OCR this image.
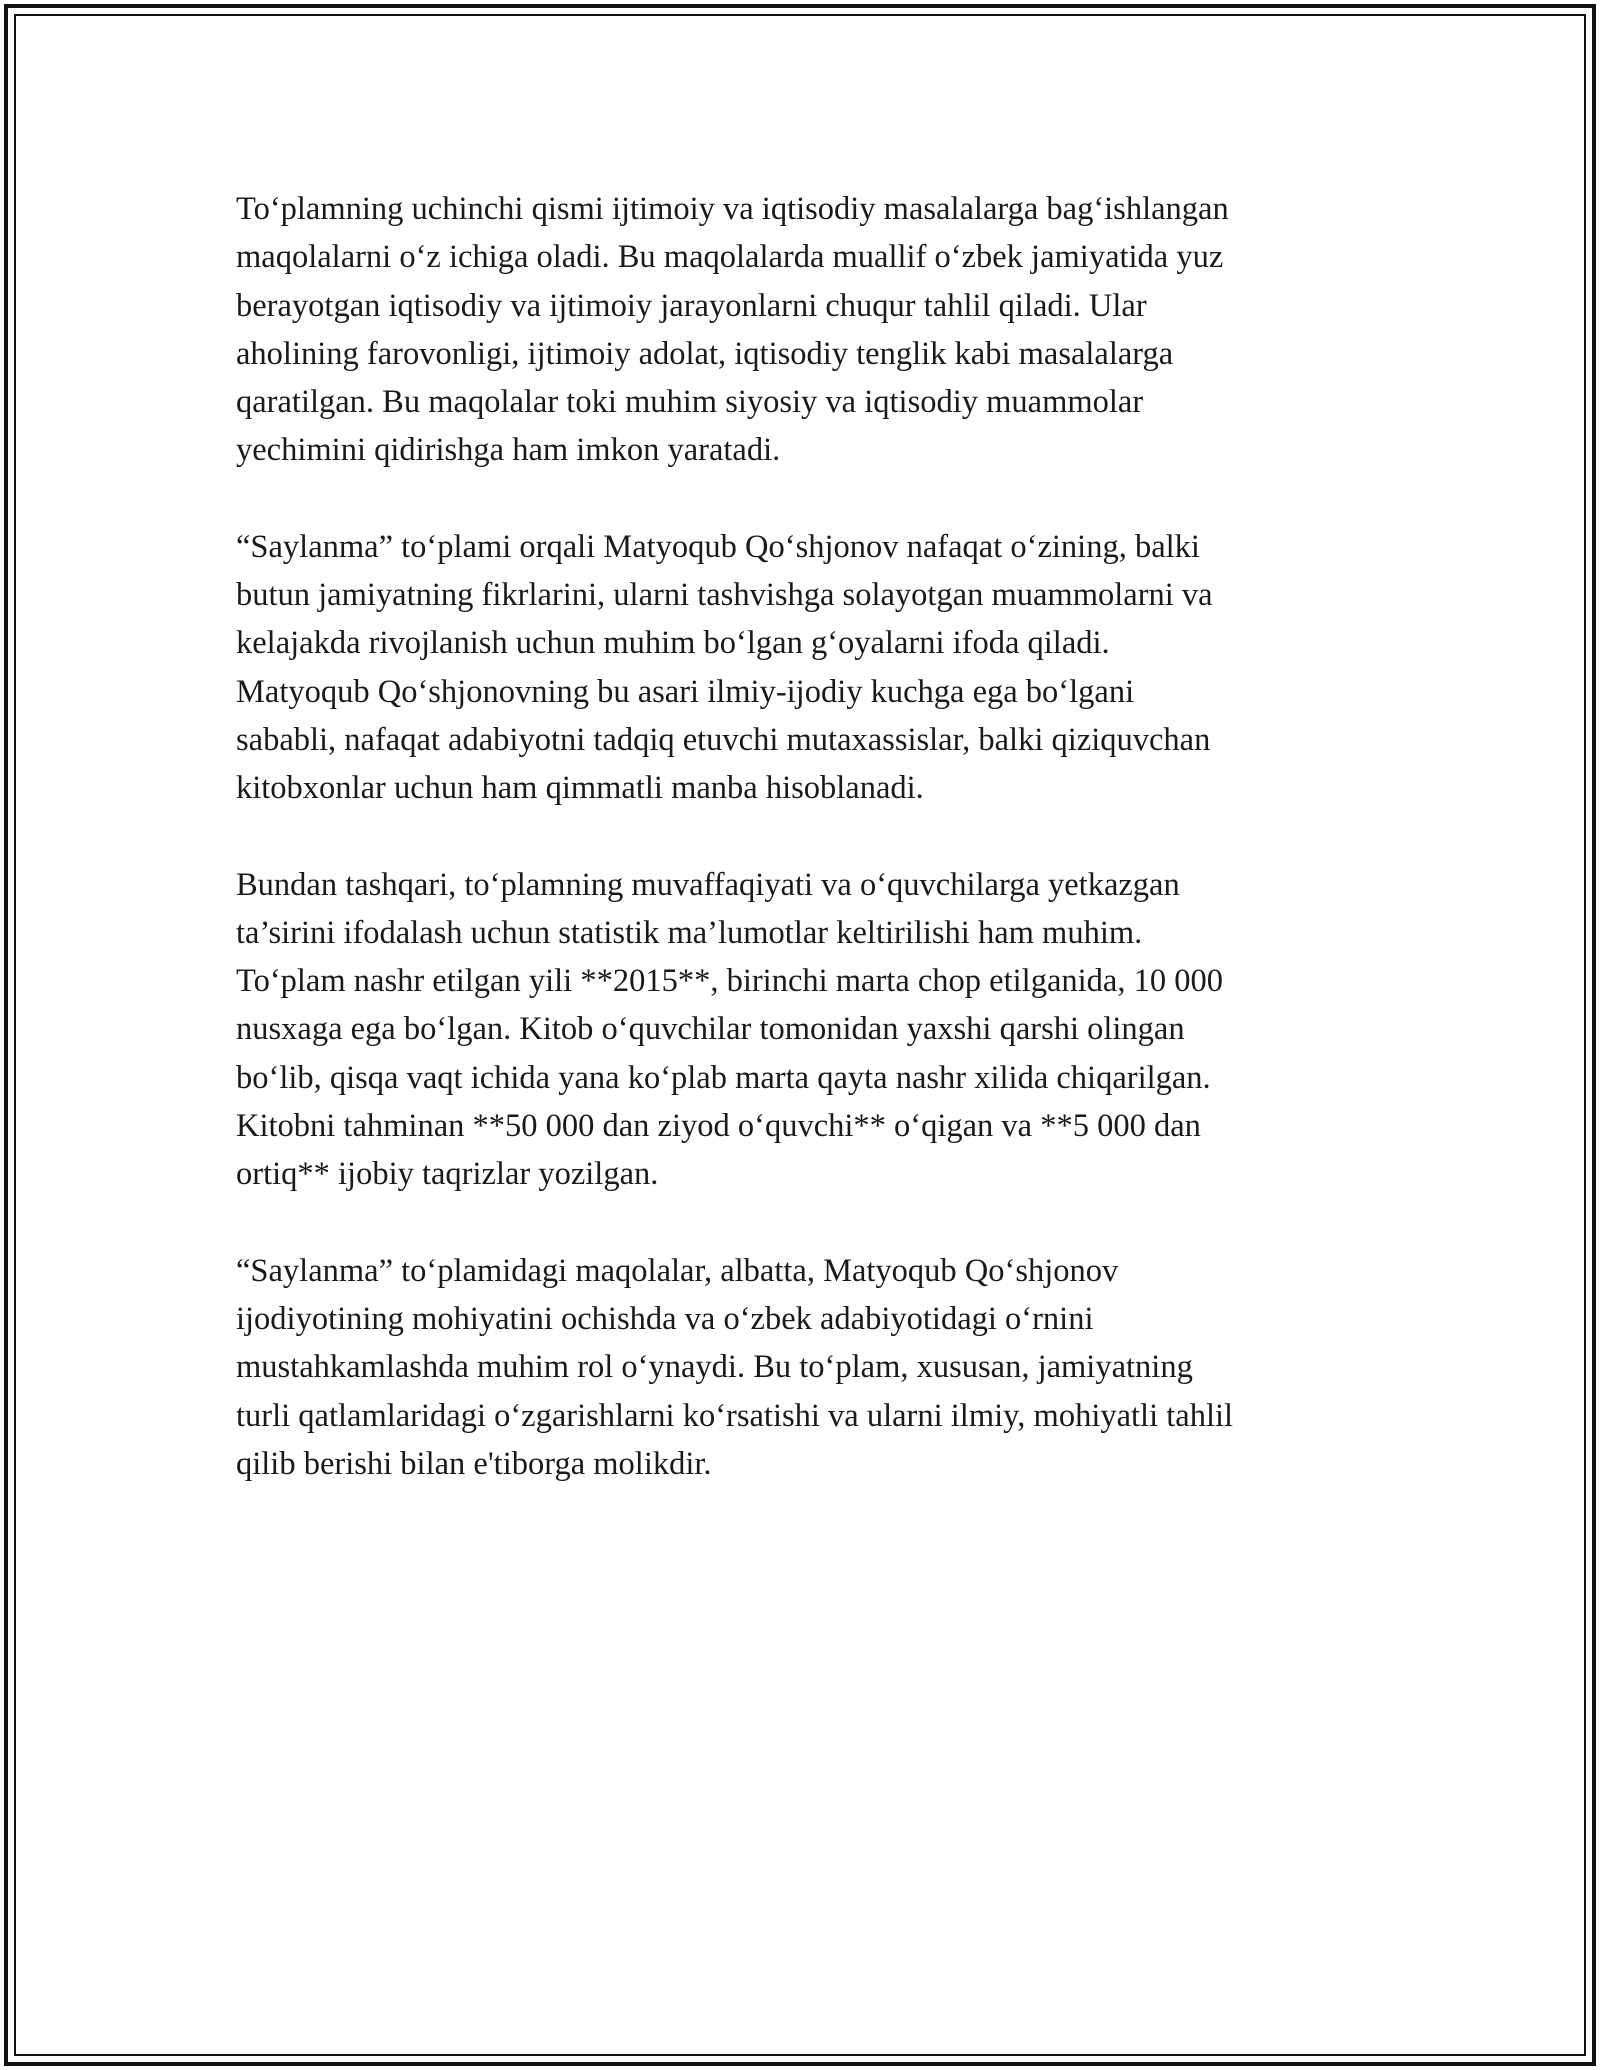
To‘plamning uchinchi qismi ijtimoiy va iqtisodiy masalalarga bag‘ishlangan
maqolalarni o‘z ichiga oladi. Bu maqolalarda muallif o‘zbek jamiyatida yuz
berayotgan iqtisodiy va ijtimoiy jarayonlarni chuqur tahlil qiladi. Ular
aholining farovonligi, ijtimoiy adolat, iqtisodiy tenglik kabi masalalarga
qaratilgan. Bu maqolalar toki muhim siyosiy va iqtisodiy muammolar
yechimini qidirishga ham imkon yaratadi.

“Saylanma” to‘plami orqali Matyoqub Qo‘shjonov nafaqat o‘zining, balki
butun jamiyatning fikrlarini, ularni tashvishga solayotgan muammolarni va
kelajakda rivojlanish uchun muhim bo‘lgan g‘oyalarni ifoda qiladi.
Matyoqub Qo‘shjonovning bu asari ilmiy-ijodiy kuchga ega bo‘lgani
sababli, nafaqat adabiyotni tadqiq etuvchi mutaxassislar, balki qiziquvchan
kitobxonlar uchun ham qimmatli manba hisoblanadi.

Bundan tashqari, to‘plamning muvaffaqiyati va o‘quvchilarga yetkazgan
ta’sirini ifodalash uchun statistik ma’lumotlar keltirilishi ham muhim.
To‘plam nashr etilgan yili **2015**, birinchi marta chop etilganida, 10 000
nusxaga ega bo‘lgan. Kitob o‘quvchilar tomonidan yaxshi qarshi olingan
bo‘lib, qisqa vaqt ichida yana ko‘plab marta qayta nashr xilida chiqarilgan.
Kitobni tahminan **50 000 dan ziyod o‘quvchi** o‘qigan va **5 000 dan
ortiq** ijobiy taqrizlar yozilgan.

“Saylanma” to‘plamidagi maqolalar, albatta, Matyoqub Qo‘shjonov
ijodiyotining mohiyatini ochishda va o‘zbek adabiyotidagi o‘rnini
mustahkamlashda muhim rol o‘ynaydi. Bu to‘plam, xususan, jamiyatning
turli qatlamlaridagi o‘zgarishlarni ko‘rsatishi va ularni ilmiy, mohiyatli tahlil
qilib berishi bilan e'tiborga molikdir.
